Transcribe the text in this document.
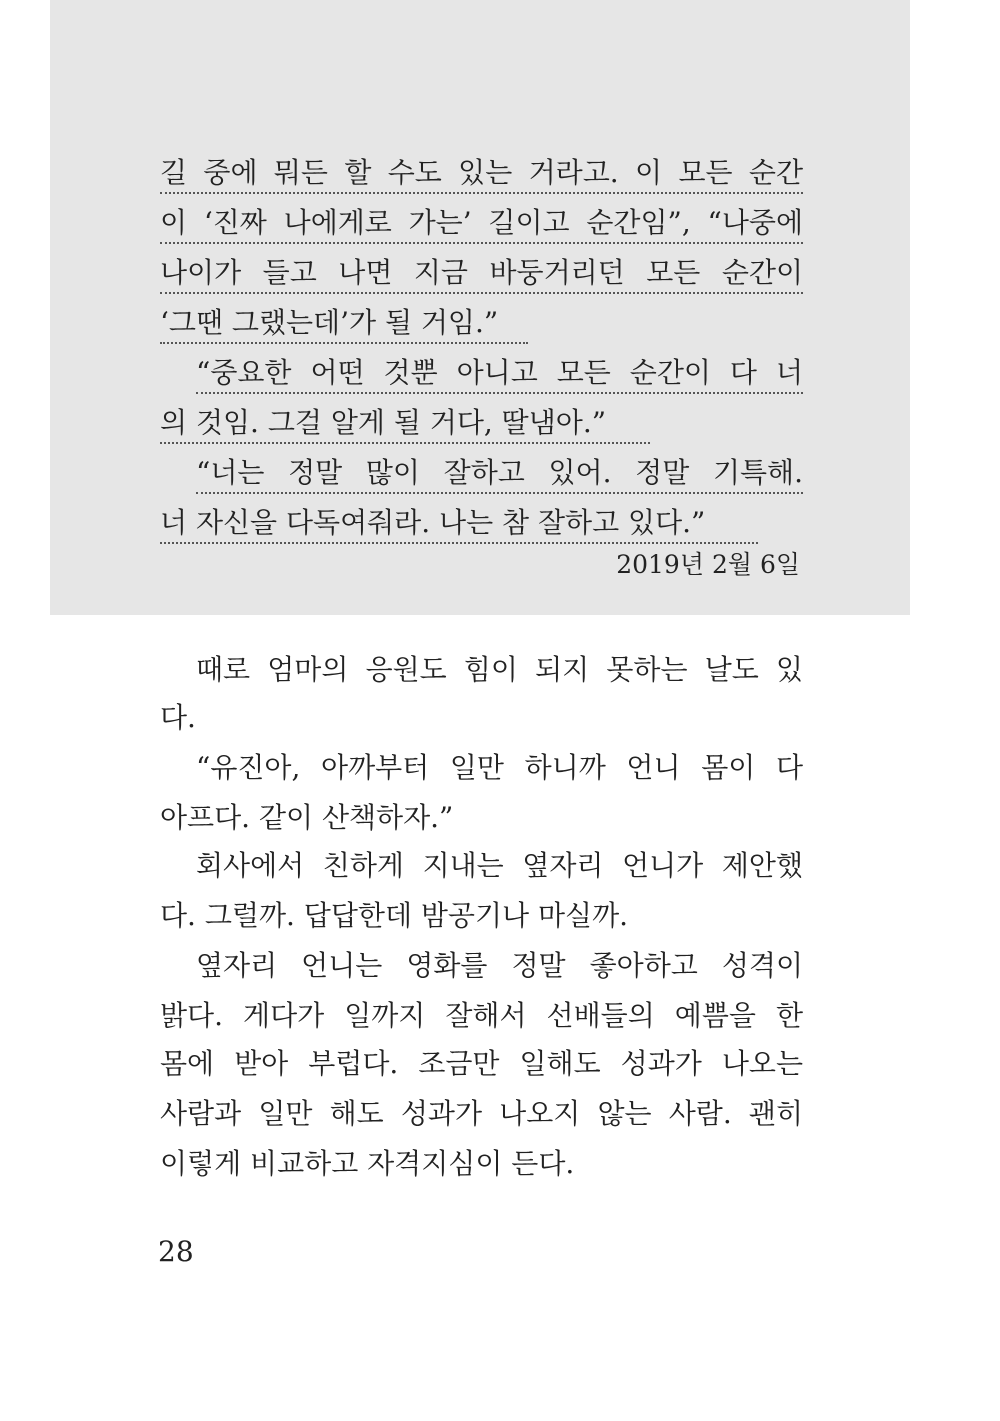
길 중에 뭐든 할 수도 있는 거라고. 이 모든 순간
이 ‘진짜 나에게로 가는’ 길이고 순간임”, “나중에
나이가 들고 나면 지금 바둥거리던 모든 순간이
‘그땐 그랬는데’가 될 거임.”
“중요한 어떤 것뿐 아니고 모든 순간이 다 너
의 것임. 그걸 알게 될 거다, 딸냄아.”
“너는 정말 많이 잘하고 있어. 정말 기특해.
너 자신을 다독여줘라. 나는 참 잘하고 있다.”
2019년 2월 6일
때로 엄마의 응원도 힘이 되지 못하는 날도 있
다.
“유진아, 아까부터 일만 하니까 언니 몸이 다
아프다. 같이 산책하자.”
회사에서 친하게 지내는 옆자리 언니가 제안했
다. 그럴까. 답답한데 밤공기나 마실까.
옆자리 언니는 영화를 정말 좋아하고 성격이
밝다. 게다가 일까지 잘해서 선배들의 예쁨을 한
몸에 받아 부럽다. 조금만 일해도 성과가 나오는
사람과 일만 해도 성과가 나오지 않는 사람. 괜히
이렇게 비교하고 자격지심이 든다.
28
